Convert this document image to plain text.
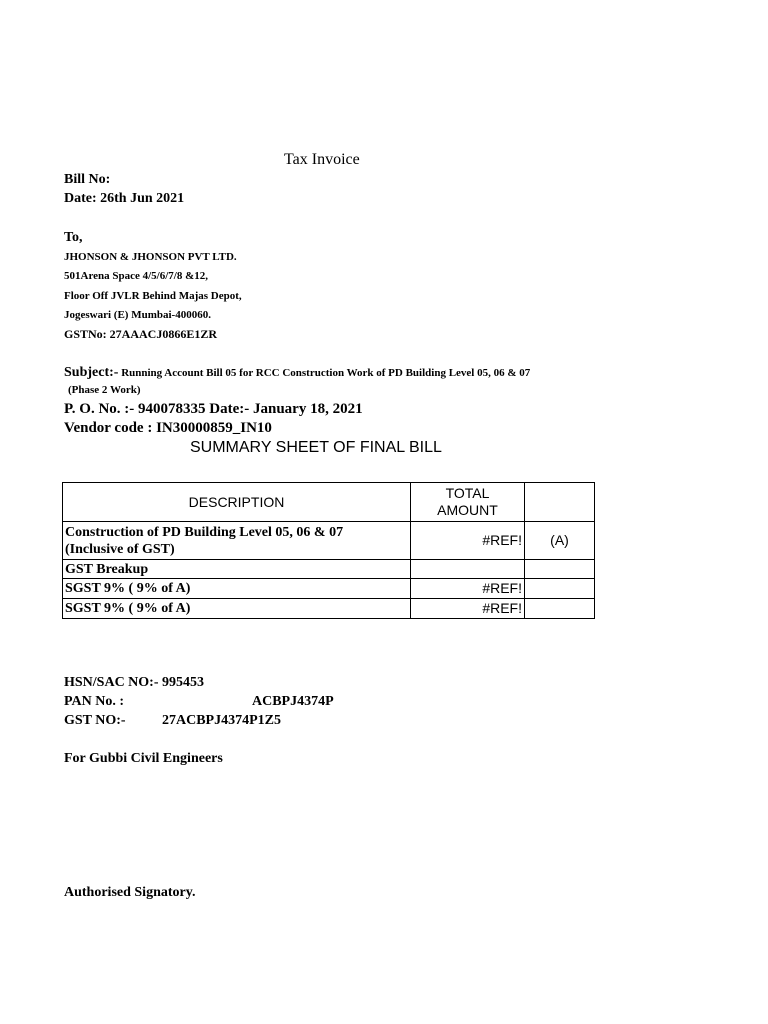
Tax Invoice
Bill No:
Date: 26th Jun 2021
To,
JHONSON & JHONSON PVT LTD.
501Arena Space 4/5/6/7/8 &12,
Floor Off JVLR Behind Majas Depot,
Jogeswari (E) Mumbai-400060.
GSTNo: 27AAACJ0866E1ZR
Subject:- Running Account Bill 05 for RCC Construction Work of PD Building Level 05, 06 & 07
(Phase 2 Work)
P. O. No. :- 940078335 Date:- January 18, 2021
Vendor code : IN30000859_IN10
SUMMARY SHEET OF FINAL BILL
DESCRIPTION	TOTAL
AMOUNT	

Construction of PD Building Level 05, 06 & 07
(Inclusive of GST)	#REF!	(A)
GST Breakup		
SGST 9% ( 9% of A)	#REF!	
SGST 9% ( 9% of A)	#REF!	
HSN/SAC NO:- 995453
PAN No. :	ACBPJ4374P
GST NO:-	27ACBPJ4374P1Z5
For Gubbi Civil Engineers
Authorised Signatory.
